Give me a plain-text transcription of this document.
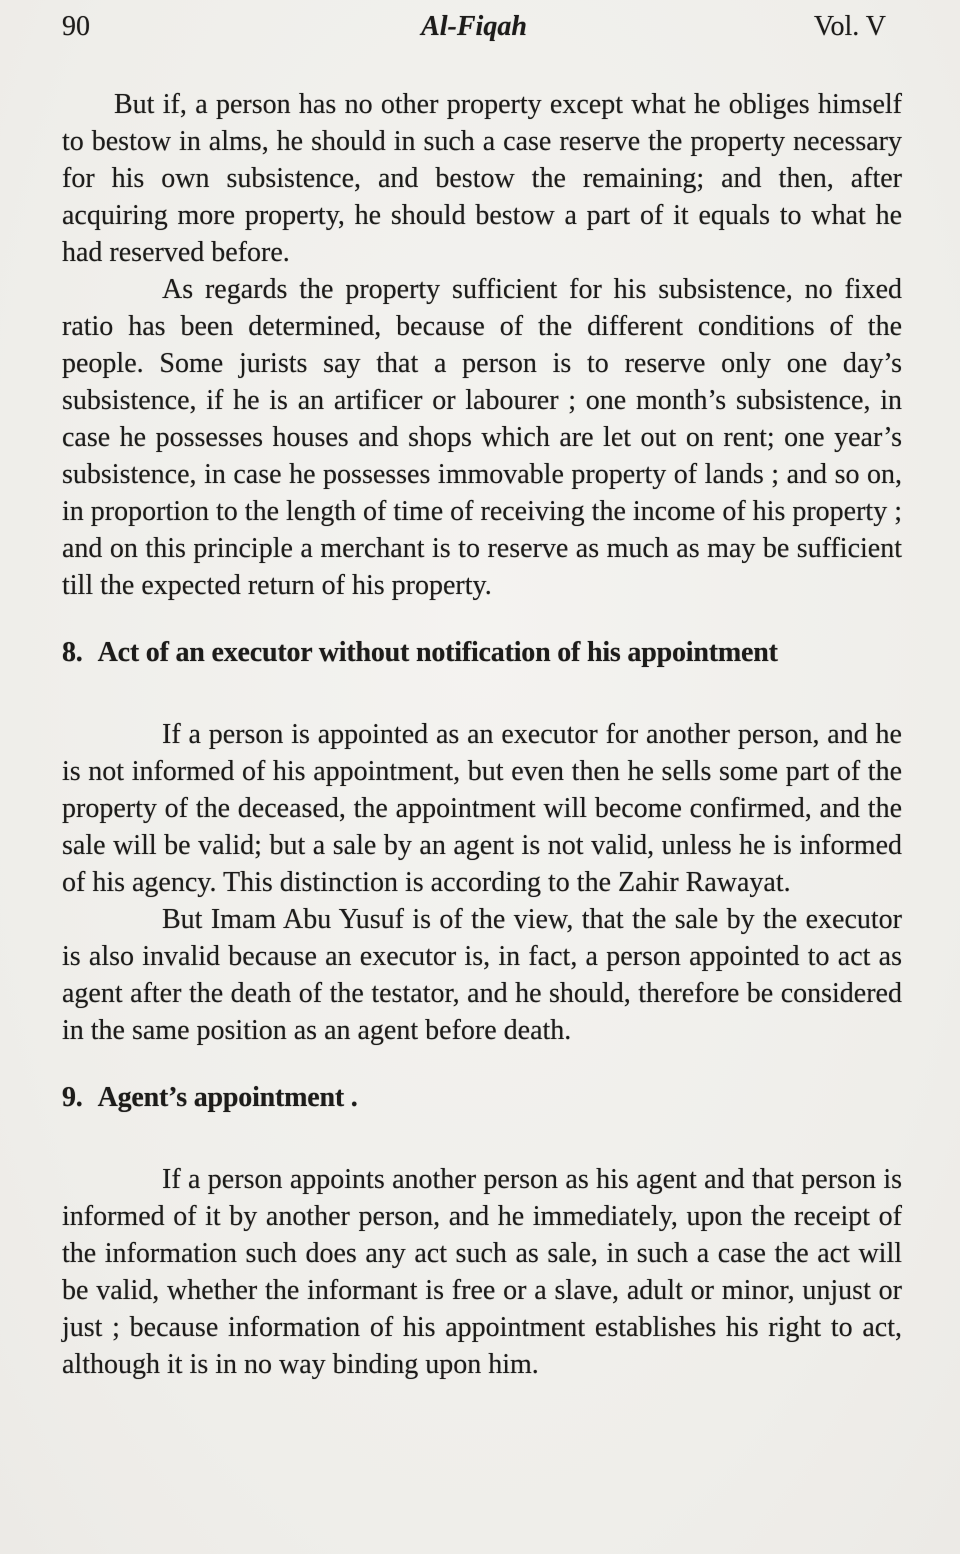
90	Al-Fiqah	Vol. V

But if, a person has no other property except what he obliges himself to bestow in alms, he should in such a case reserve the property necessary for his own subsistence, and bestow the remaining; and then, after acquiring more property, he should bestow a part of it equals to what he had reserved before.

As regards the property sufficient for his subsistence, no fixed ratio has been determined, because of the different conditions of the people. Some jurists say that a person is to reserve only one day’s subsistence, if he is an artificer or labourer ; one month’s subsistence, in case he possesses houses and shops which are let out on rent; one year’s subsistence, in case he possesses immovable property of lands ; and so on, in proportion to the length of time of receiving the income of his property ; and on this principle a merchant is to reserve as much as may be sufficient till the expected return of his property.

8. Act of an executor without notification of his appointment

If a person is appointed as an executor for another person, and he is not informed of his appointment, but even then he sells some part of the property of the deceased, the appointment will become confirmed, and the sale will be valid; but a sale by an agent is not valid, unless he is informed of his agency. This distinction is according to the Zahir Rawayat.

But Imam Abu Yusuf is of the view, that the sale by the executor is also invalid because an executor is, in fact, a person appointed to act as agent after the death of the testator, and he should, therefore be considered in the same position as an agent before death.

9. Agent’s appointment .

If a person appoints another person as his agent and that person is informed of it by another person, and he immediately, upon the receipt of the information such does any act such as sale, in such a case the act will be valid, whether the informant is free or a slave, adult or minor, unjust or just ; because information of his appointment establishes his right to act, although it is in no way binding upon him.
